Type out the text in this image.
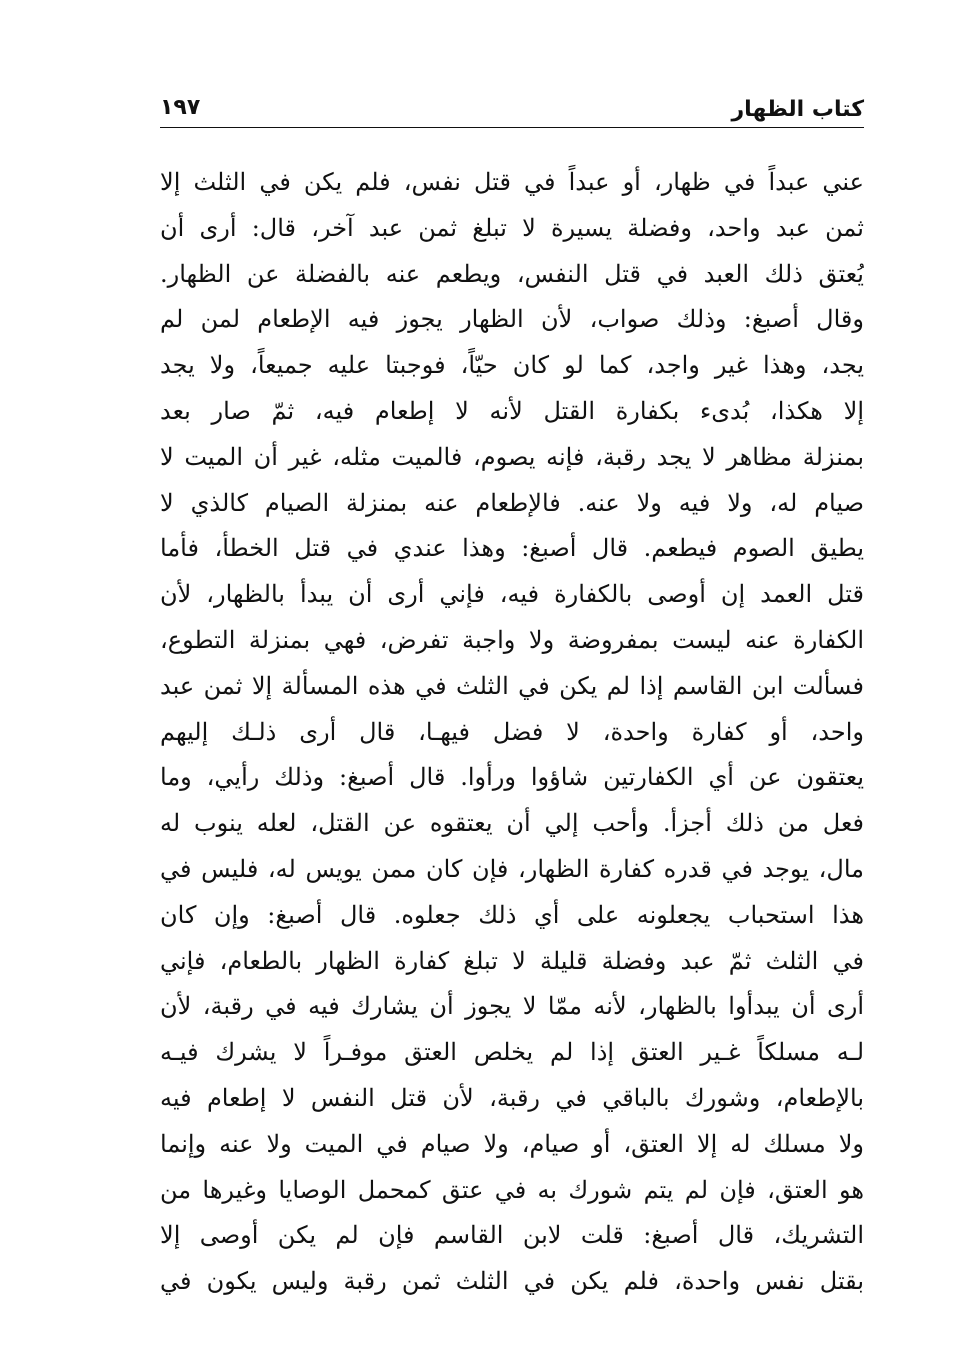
كتاب الظهار
١٩٧
عني عبداً في ظهار، أو عبداً في قتل نفس، فلم يكن في الثلث إلا
ثمن عبد واحد، وفضلة يسيرة لا تبلغ ثمن عبد آخر، قال: أرى أن
يُعتق ذلك العبد في قتل النفس، ويطعم عنه بالفضلة عن الظهار.
وقال أصبغ: وذلك صواب، لأن الظهار يجوز فيه الإطعام لمن لم
يجد، وهذا غير واجد، كما لو كان حيّاً، فوجبتا عليه جميعاً، ولا يجد
إلا هكذا، بُدىء بكفارة القتل لأنه لا إطعام فيه، ثمّ صار بعد
بمنزلة مظاهر لا يجد رقبة، فإنه يصوم، فالميت مثله، غير أن الميت لا
صيام له، ولا فيه ولا عنه. فالإطعام عنه بمنزلة الصيام كالذي لا
يطيق الصوم فيطعم. قال أصبغ: وهذا عندي في قتل الخطأ، فأما
قتل العمد إن أوصى بالكفارة فيه، فإني أرى أن يبدأ بالظهار، لأن
الكفارة عنه ليست بمفروضة ولا واجبة تفرض، فهي بمنزلة التطوع،
فسألت ابن القاسم إذا لم يكن في الثلث في هذه المسألة إلا ثمن عبد
واحد، أو كفارة واحدة، لا فضل فيهـا، قال أرى ذلـك إليهم
يعتقون عن أي الكفارتين شاؤوا ورأوا. قال أصبغ: وذلك رأيي، وما
فعل من ذلك أجزأ. وأحب إلي أن يعتقوه عن القتل، لعله ينوب له
مال، يوجد في قدره كفارة الظهار، فإن كان ممن يويس له، فليس في
هذا استحباب يجعلونه على أي ذلك جعلوه. قال أصبغ: وإن كان
في الثلث ثمّ عبد وفضلة قليلة لا تبلغ كفارة الظهار بالطعام، فإني
أرى أن يبدأوا بالظهار، لأنه ممّا لا يجوز أن يشارك فيه في رقبة، لأن
لـه مسلكاً غـير العتق إذا لم يخلص العتق موفـراً لا يشرك فيـه
بالإطعام، وشورك بالباقي في رقبة، لأن قتل النفس لا إطعام فيه
ولا مسلك له إلا العتق، أو صيام، ولا صيام في الميت ولا عنه وإنما
هو العتق، فإن لم يتم شورك به في عتق كمحمل الوصايا وغيرها من
التشريك، قال أصبغ: قلت لابن القاسم فإن لم يكن أوصى إلا
بقتل نفس واحدة، فلم يكن في الثلث ثمن رقبة وليس يكون في
